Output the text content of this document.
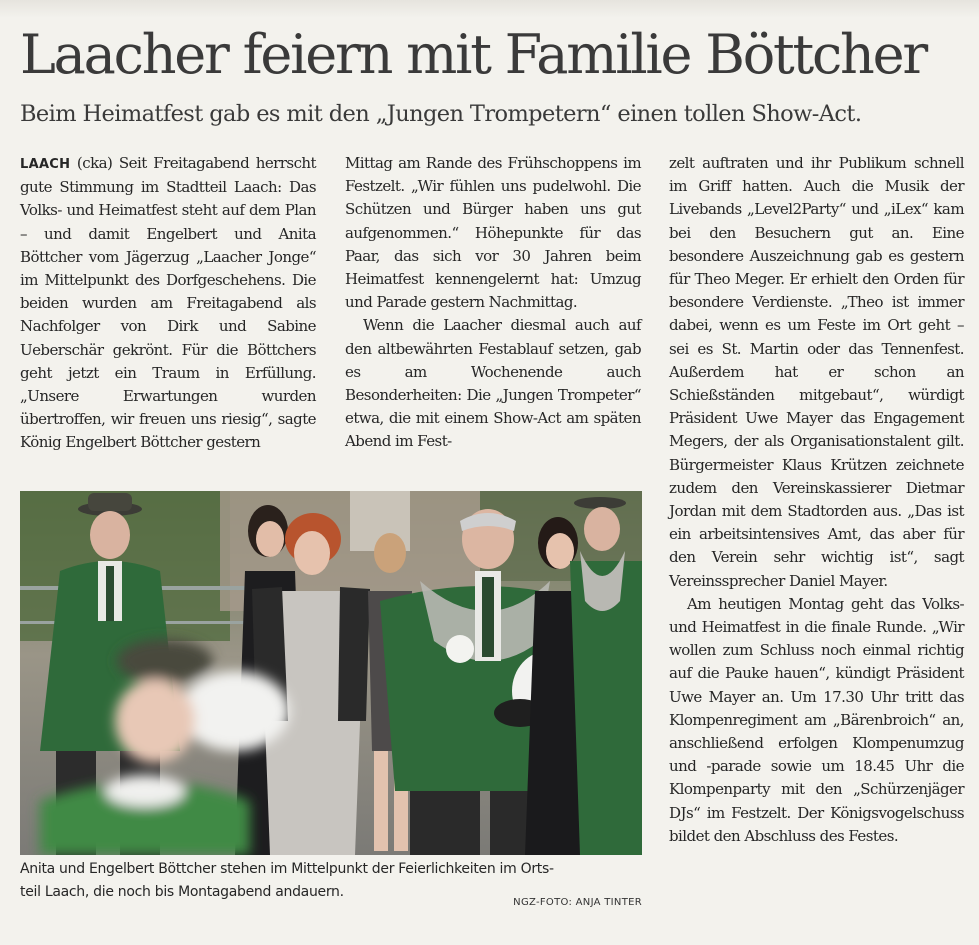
Laacher feiern mit Familie Böttcher
Beim Heimatfest gab es mit den „Jungen Trompetern“ einen tollen Show-Act.

LAACH (cka) Seit Freitagabend herrscht gute Stimmung im Stadtteil Laach: Das Volks- und Heimatfest steht auf dem Plan – und damit Engelbert und Anita Böttcher vom Jägerzug „Laacher Jonge“ im Mittelpunkt des Dorfgeschehens. Die beiden wurden am Freitagabend als Nachfolger von Dirk und Sabine Ueberschär gekrönt. Für die Böttchers geht jetzt ein Traum in Erfüllung. „Unsere Erwartungen wurden übertroffen, wir freuen uns riesig“, sagte König Engelbert Böttcher gestern

Mittag am Rande des Frühschoppens im Festzelt. „Wir fühlen uns pudelwohl. Die Schützen und Bürger haben uns gut aufgenommen.“ Höhepunkte für das Paar, das sich vor 30 Jahren beim Heimatfest kennengelernt hat: Umzug und Parade gestern Nachmittag.

Wenn die Laacher diesmal auch auf den altbewährten Festablauf setzen, gab es am Wochenende auch Besonderheiten: Die „Jungen Trompeter“ etwa, die mit einem Show-Act am späten Abend im Fest-

zelt auftraten und ihr Publikum schnell im Griff hatten. Auch die Musik der Livebands „Level2Party“ und „iLex“ kam bei den Besuchern gut an. Eine besondere Auszeichnung gab es gestern für Theo Meger. Er erhielt den Orden für besondere Verdienste. „Theo ist immer dabei, wenn es um Feste im Ort geht – sei es St. Martin oder das Tennenfest. Außerdem hat er schon an Schießständen mitgebaut“, würdigt Präsident Uwe Mayer das Engagement Megers, der als Organisationstalent gilt. Bürgermeister Klaus Krützen zeichnete zudem den Vereinskassierer Dietmar Jordan mit dem Stadtorden aus. „Das ist ein arbeitsintensives Amt, das aber für den Verein sehr wichtig ist“, sagt Vereinssprecher Daniel Mayer.

Am heutigen Montag geht das Volks- und Heimatfest in die finale Runde. „Wir wollen zum Schluss noch einmal richtig auf die Pauke hauen“, kündigt Präsident Uwe Mayer an. Um 17.30 Uhr tritt das Klompenregiment am „Bärenbroich“ an, anschließend erfolgen Klompenumzug und -parade sowie um 18.45 Uhr die Klompenparty mit den „Schürzenjäger DJs“ im Festzelt. Der Königsvogelschuss bildet den Abschluss des Festes.

Anita und Engelbert Böttcher stehen im Mittelpunkt der Feierlichkeiten im Orts-

teil Laach, die noch bis Montagabend andauern.

NGZ-FOTO: ANJA TINTER
